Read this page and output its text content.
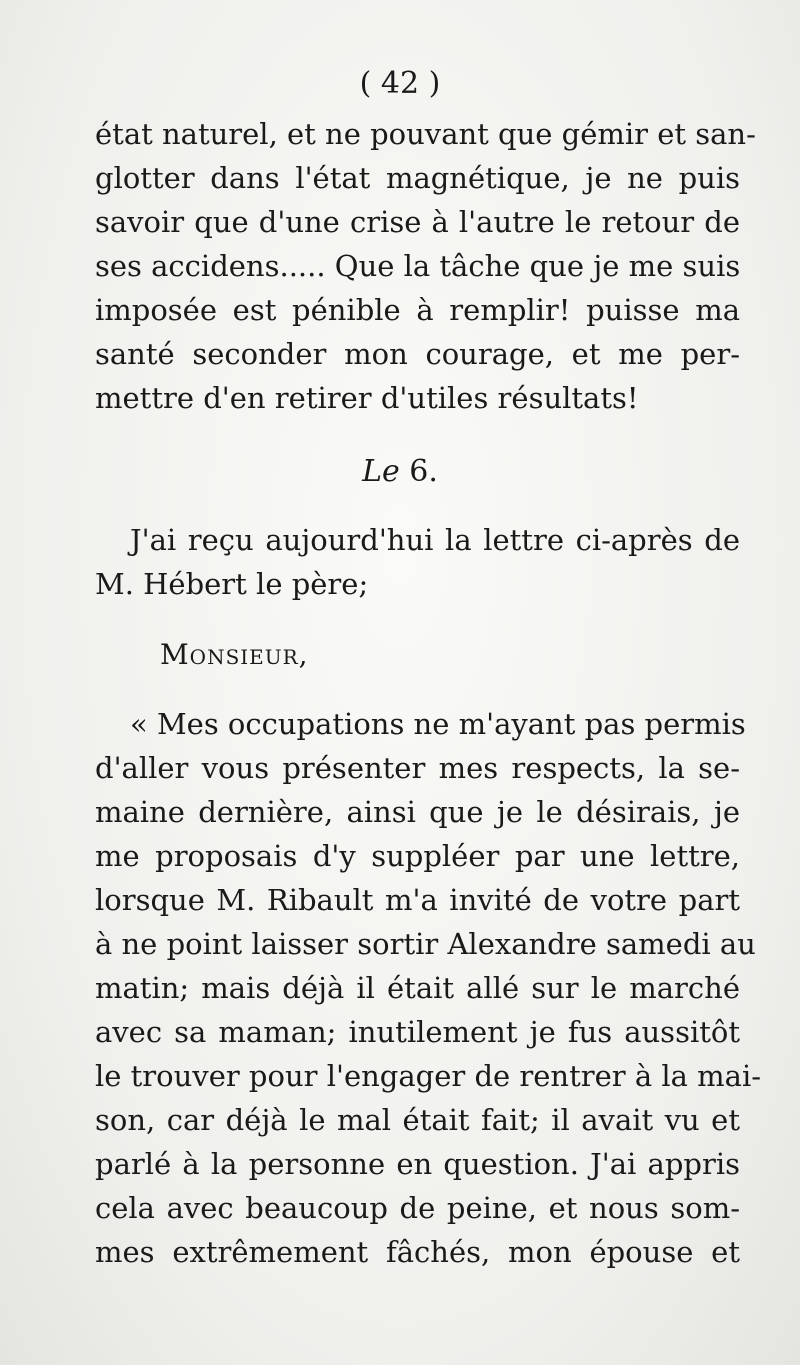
( 42 )
état naturel, et ne pouvant que gémir et san-
glotter dans l'état magnétique, je ne puis
savoir que d'une crise à l'autre le retour de
ses accidens..... Que la tâche que je me suis
imposée est pénible à remplir! puisse ma
santé seconder mon courage, et me per-
mettre d'en retirer d'utiles résultats!
Le 6.
J'ai reçu aujourd'hui la lettre ci-après de
M. Hébert le père;
Monsieur,
« Mes occupations ne m'ayant pas permis
d'aller vous présenter mes respects, la se-
maine dernière, ainsi que je le désirais, je
me proposais d'y suppléer par une lettre,
lorsque M. Ribault m'a invité de votre part
à ne point laisser sortir Alexandre samedi au
matin; mais déjà il était allé sur le marché
avec sa maman; inutilement je fus aussitôt
le trouver pour l'engager de rentrer à la mai-
son, car déjà le mal était fait; il avait vu et
parlé à la personne en question. J'ai appris
cela avec beaucoup de peine, et nous som-
mes extrêmement fâchés, mon épouse et
